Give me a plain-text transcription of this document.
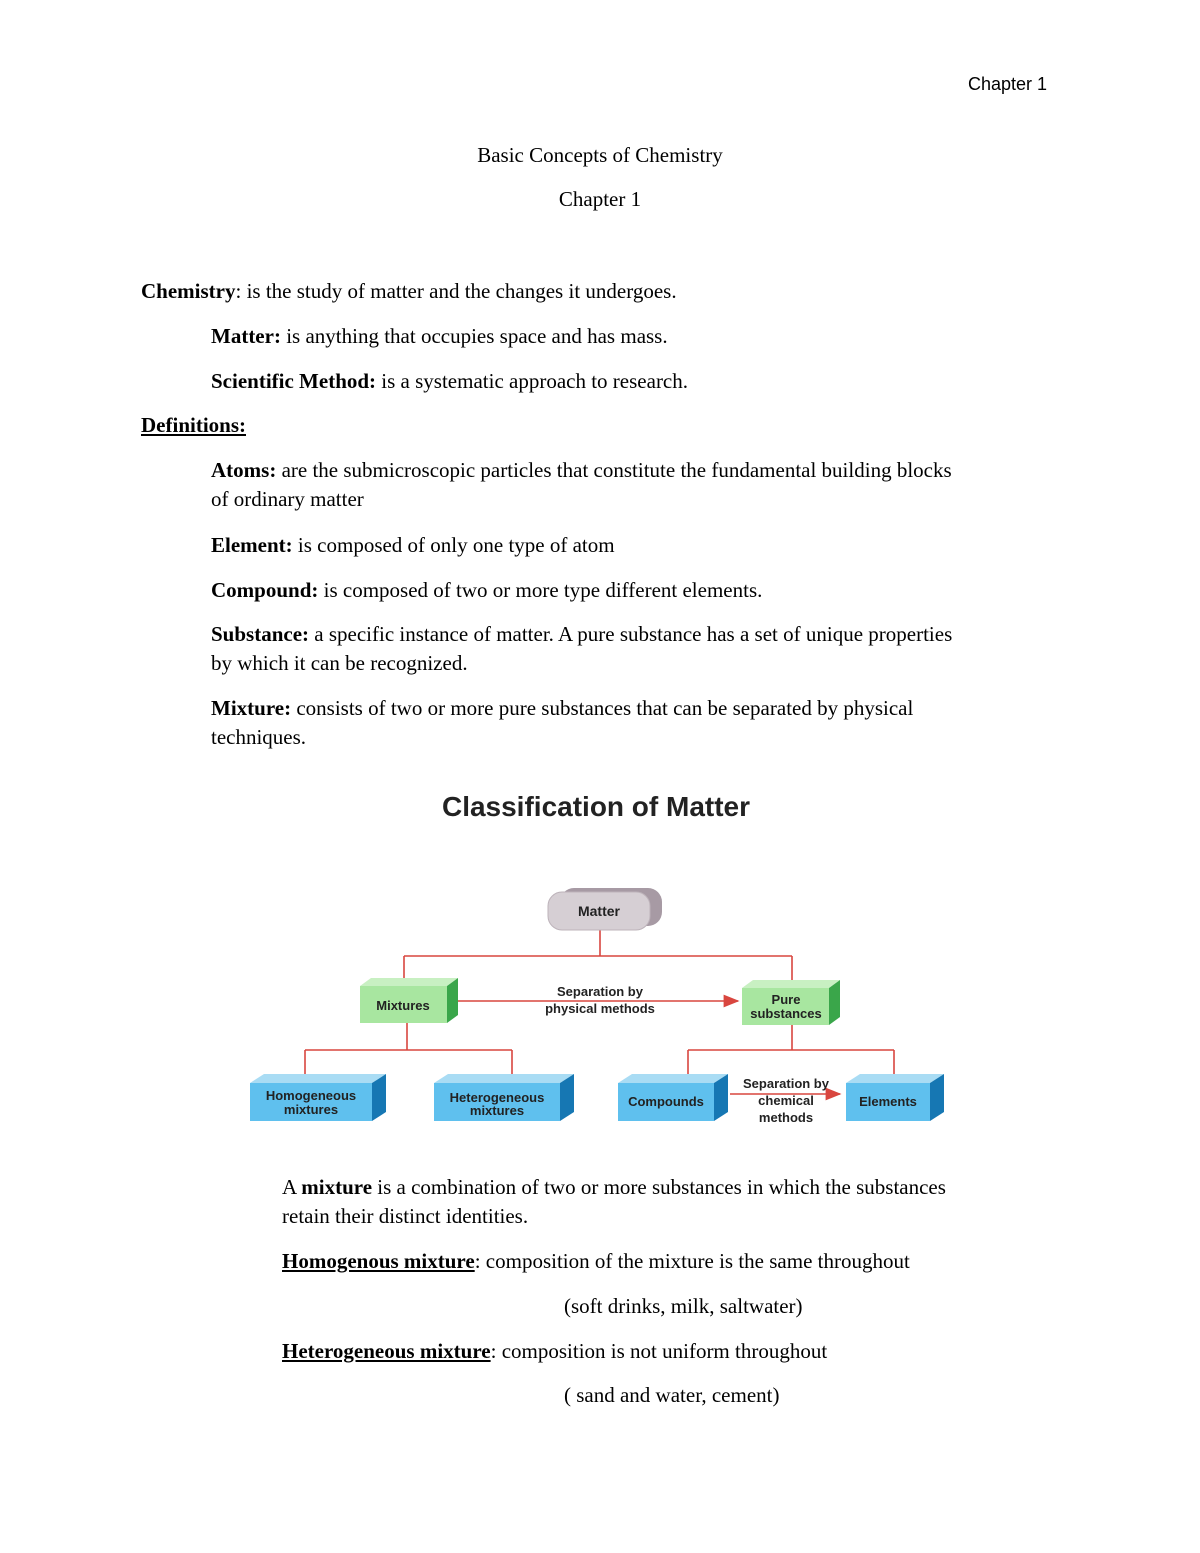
Chapter 1
Basic Concepts of Chemistry
Chapter 1
Chemistry: is the study of matter and the changes it undergoes.
Matter: is anything that occupies space and has mass.
Scientific Method: is a systematic approach to research.
Definitions:
Atoms: are the submicroscopic particles that constitute the fundamental building blocks
of ordinary matter
Element: is composed of only one type of atom
Compound: is composed of two or more type different elements.
Substance: a specific instance of matter. A pure substance has a set of unique properties
by which it can be recognized.
Mixture: consists of two or more pure substances that can be separated by physical
techniques.
Classification of Matter
Matter
Mixtures	Pure
substances
Separation by
physical methods
Homogeneous
mixtures
Heterogeneous
mixtures
Compounds
Separation by
chemical
methods
Elements
A mixture is a combination of two or more substances in which the substances
retain their distinct identities.
Homogenous mixture: composition of the mixture is the same throughout
(soft drinks, milk, saltwater)
Heterogeneous mixture: composition is not uniform throughout
( sand and water, cement)
